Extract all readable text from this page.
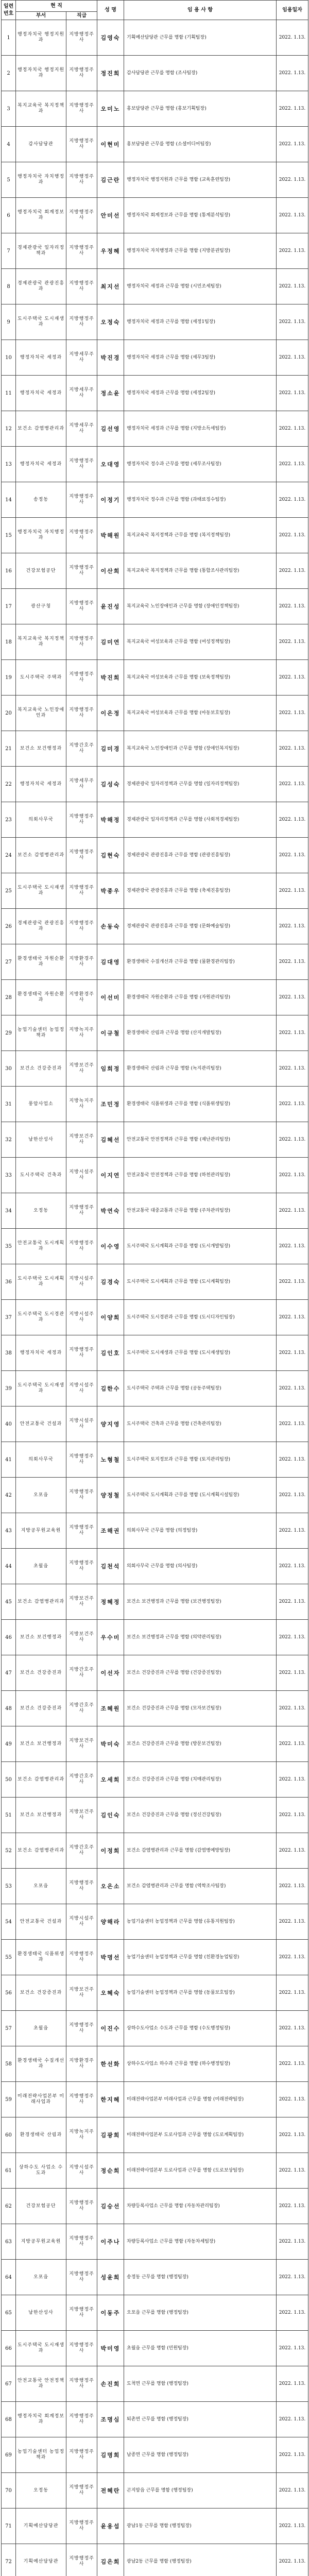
일련
번호	현 직		성 명	임 용 사 항	임용일자
	부서	직급			
1	행정자치국 행정지원과	지방행정주사	김영숙	기획예산담당관 근무를 명함 (기획팀장)	2022. 1.13.
2	행정자치국 행정지원과	지방행정주사	정진희	감사담당관 근무를 명함 (조사팀장)	2022. 1.13.
3	복지교육국 복지정책과	지방행정주사	오미노	홍보담당관 근무를 명함 (홍보기획팀장)	2022. 1.13.
4	감사담당관	지방행정주사	이현미	홍보담당관 근무를 명함 (소셜미디어팀장)	2022. 1.13.
5	행정자치국 자치행정과	지방행정주사	김근란	행정자치국 행정지원과 근무를 명함 (교육훈련팀장)	2022. 1.13.
6	행정자치국 회계정보과	지방행정주사	안미선	행정자치국 회계정보과 근무를 명함 (통계분석팀장)	2022. 1.13.
7	경제관광국 일자리정책과	지방행정주사	우정혜	행정자치국 자치행정과 근무를 명함 (지방분권팀장)	2022. 1.13.
8	경제관광국 관광진흥과	지방행정주사	최지선	행정자치국 세정과 근무를 명함 (시민조세팀장)	2022. 1.13.
9	도시주택국 도시재생과	지방행정주사	오정숙	행정자치국 세정과 근무를 명함 (세정1팀장)	2022. 1.13.
10	행정자치국 세정과	지방세무주사	박진경	행정자치국 세정과 근무를 명함 (세무3팀장)	2022. 1.13.
11	행정자치국 세정과	지방세무주사	정소윤	행정자치국 세정과 근무를 명함 (세정2팀장)	2022. 1.13.
12	보건소 감염병관리과	지방세무주사	김선영	행정자치국 세정과 근무를 명함 (지방소득세팀장)	2022. 1.13.
13	행정자치국 세정과	지방행정주사	오대영	행정자치국 정수과 근무를 명함 (세무조사팀장)	2022. 1.13.
14	송정동	지방행정주사	이정기	행정자치국 정수과 근무를 명함 (과태료징수팀장)	2022. 1.13.
15	행정자치국 자치행정과	지방행정주사	박해원	복지교육국 복지정책과 근무를 명함 (복지정책팀장)	2022. 1.13.
16	건강보험공단	지방행정주사	이산희	복지교육국 복지정책과 근무를 명함 (통합조사관리팀장)	2022. 1.13.
17	광산구청	지방행정주사	윤진성	복지교육국 노인장애인과 근무를 명함 (장애인정책팀장)	2022. 1.13.
18	복지교육국 복지정책과	지방행정주사	김미연	복지교육국 여성보육과 근무를 명함 (여성정책팀장)	2022. 1.13.
19	도시주택국 주택과	지방행정주사	박진희	복지교육국 여성보육과 근무를 명함 (보육정책팀장)	2022. 1.13.
20	복지교육국 노인장애인과	지방행정주사	이은정	복지교육국 여성보육과 근무를 명함 (아동보호팀장)	2022. 1.13.
21	보건소 보건행정과	지방간호주사	김미경	복지교육국 노인장애인과 근무를 명함 (장애인복지팀장)	2022. 1.13.
22	행정자치국 세정과	지방세무주사	김성숙	경제관광국 일자리정책과 근무를 명함 (일자리정책팀장)	2022. 1.13.
23	의회사무국	지방행정주사	박해정	경제관광국 일자리정책과 근무를 명함 (사회적경제팀장)	2022. 1.13.
24	보건소 감염병관리과	지방행정주사	김현숙	경제관광국 관광진흥과 근무를 명함 (관광진흥팀장)	2022. 1.13.
25	도시주택국 도시재생과	지방행정주사	박종우	경제관광국 관광진흥과 근무를 명함 (축제진흥팀장)	2022. 1.13.
26	경제관광국 관광진흥과	지방행정주사	손동숙	경제관광국 관광진흥과 근무를 명함 (문화예술팀장)	2022. 1.13.
27	환경생태국 자원순환과	지방환경주사	김대영	환경생태국 수질개선과 근무를 명함 (물환경관리팀장)	2022. 1.13.
28	환경생태국 자원순환과	지방환경주사	이선미	환경생태국 자원순환과 근무를 명함 (자원관리팀장)	2022. 1.13.
29	농업기술센터 농업정책과	지방녹지주사	이규철	환경생태국 산림과 근무를 명함 (산지개발팀장)	2022. 1.13.
30	보건소 건강증진과	지방보건주사	임희정	환경생태국 산림과 근무를 명함 (녹지관리팀장)	2022. 1.13.
31	풍암사업소	지방녹지주사	조민정	환경생태국 식품위생과 근무를 명함 (식품위생팀장)	2022. 1.13.
32	남한산성사	지방보건주사	김혜선	안전교통국 안전정책과 근무를 명함 (재난관리팀장)	2022. 1.13.
33	도시주택국 건축과	지방시설주사	이지연	안전교통국 안전정책과 근무를 명함 (하천관리팀장)	2022. 1.13.
34	오정동	지방행정주사	박연숙	안전교통국 대중교통과 근무를 명함 (주차관리팀장)	2022. 1.13.
35	안전교통국 도시계획과	지방행정주사	이수영	도시주택국 도시계획과 근무를 명함 (도시개발팀장)	2022. 1.13.
36	도시주택국 도시계획과	지방시설주사	김경숙	도시주택국 도시계획과 근무를 명함 (도시계획팀장)	2022. 1.13.
37	도시주택국 도시경관과	지방시설주사	이양희	도시주택국 도시경관과 근무를 명함 (도시디자인팀장)	2022. 1.13.
38	행정자치국 세정과	지방행정주사	김인호	도시주택국 도시재생과 근무를 명함 (도시재생팀장)	2022. 1.13.
39	도시주택국 도시재생과	지방시설주사	김한수	도시주택국 주택과 근무를 명함 (공동주택팀장)	2022. 1.13.
40	안전교통국 건설과	지방시설주사	양지영	도시주택국 건축과 근무를 명함 (건축관리팀장)	2022. 1.13.
41	의회사무국	지방행정주사	노형철	도시주택국 토지정보과 근무를 명함 (토지관리팀장)	2022. 1.13.
42	오포읍	지방행정주사	양정철	도시주택국 도시계획과 근무를 명함 (도시계획시설팀장)	2022. 1.13.
43	지방공무원교육원	지방행정주사	조해권	의회사무국 근무를 명함 (의정팀장)	2022. 1.13.
44	초월읍	지방행정주사	김천석	의회사무국 근무를 명함 (의사팀장)	2022. 1.13.
45	보건소 감염병관리과	지방보건주사	정혜정	보건소 보건행정과 근무를 명함 (보건행정팀장)	2022. 1.13.
46	보건소 보건행정과	지방보건주사	우수미	보건소 보건행정과 근무를 명함 (의약관리팀장)	2022. 1.13.
47	보건소 건강증진과	지방간호주사	이선자	보건소 건강증진과 근무를 명함 (건강증진팀장)	2022. 1.13.
48	보건소 건강증진과	지방간호주사	조혜원	보건소 건강증진과 근무를 명함 (모자보건팀장)	2022. 1.13.
49	보건소 보건행정과	지방보건주사	박미숙	보건소 건강증진과 근무를 명함 (방문보건팀장)	2022. 1.13.
50	보건소 감염병관리과	지방간호주사	오세희	보건소 건강증진과 근무를 명함 (치매관리팀장)	2022. 1.13.
51	보건소 보건행정과	지방보건주사	김인숙	보건소 건강증진과 근무를 명함 (정신건강팀장)	2022. 1.13.
52	보건소 감염병관리과	지방간호주사	이정희	보건소 감염병관리과 근무를 명함 (감염병예방팀장)	2022. 1.13.
53	오포읍	지방행정주사	오은소	보건소 감염병관리과 근무를 명함 (역학조사팀장)	2022. 1.13.
54	안전교통국 건설과	지방시설주사	양해라	농업기술센터 농업정책과 근무를 명함 (유통지원팀장)	2022. 1.13.
55	환경생태국 식품위생과	지방행정주사	박명선	농업기술센터 농업정책과 근무를 명함 (친환경농업팀장)	2022. 1.13.
56	보건소 건강증진과	지방보건주사	오혜숙	농업기술센터 농업정책과 근무를 명함 (동물보호팀장)	2022. 1.13.
57	초월읍	지방행정주사	이진수	상하수도사업소 수도과 근무를 명함 (수도행정팀장)	2022. 1.13.
58	환경생태국 수질개선과	지방환경주사	한선화	상하수도사업소 하수과 근무를 명함 (하수행정팀장)	2022. 1.13.
59	미래전략사업본부 미래사업과	지방행정주사	한지혜	미래전략사업본부 미래사업과 근무를 명함 (미래전략팀장)	2022. 1.13.
60	환경생태국 산림과	지방녹지주사	김광희	미래전략사업본부 도로사업과 근무를 명함 (도로계획팀장)	2022. 1.13.
61	상하수도 사업소 수도과	지방시설주사	정순희	미래전략사업본부 도로사업과 근무를 명함 (도로보상팀장)	2022. 1.13.
62	건강보험공단	지방행정주사	김승선	차량등록사업소 근무를 명함 (자동차관리팀장)	2022. 1.13.
63	지방공무원교육원	지방행정주사	이주나	차량등록사업소 근무를 명함 (자동차세팀장)	2022. 1.13.
64	오포읍	지방행정주사	성윤희	송정동 근무를 명함 (행정팀장)	2022. 1.13.
65	남한산성사	지방행정주사	이동주	오포읍 근무를 명함 (행정팀장)	2022. 1.13.
66	도시주택국 도시재생과	지방행정주사	박미영	초월읍 근무를 명함 (민원팀장)	2022. 1.13.
67	안전교통국 안전정책과	지방행정주사	손진희	도척면 근무를 명함 (행정팀장)	2022. 1.13.
68	행정자치국 회계정보과	지방행정주사	조명심	퇴촌면 근무를 명함 (행정팀장)	2022. 1.13.
69	농업기술센터 농업정책과	지방행정주사	김명희	남종면 근무를 명함 (행정팀장)	2022. 1.13.
70	오정동	지방행정주사	전혜란	곤지암읍 근무를 명함 (행정팀장)	2022. 1.13.
71	기획예산담당관	지방행정주사	윤용섭	광남1동 근무를 명함 (행정팀장)	2022. 1.13.
72	기획예산담당관	지방행정주사	김은희	광남2동 근무를 명함 (행정팀장)	2022. 1.13.
